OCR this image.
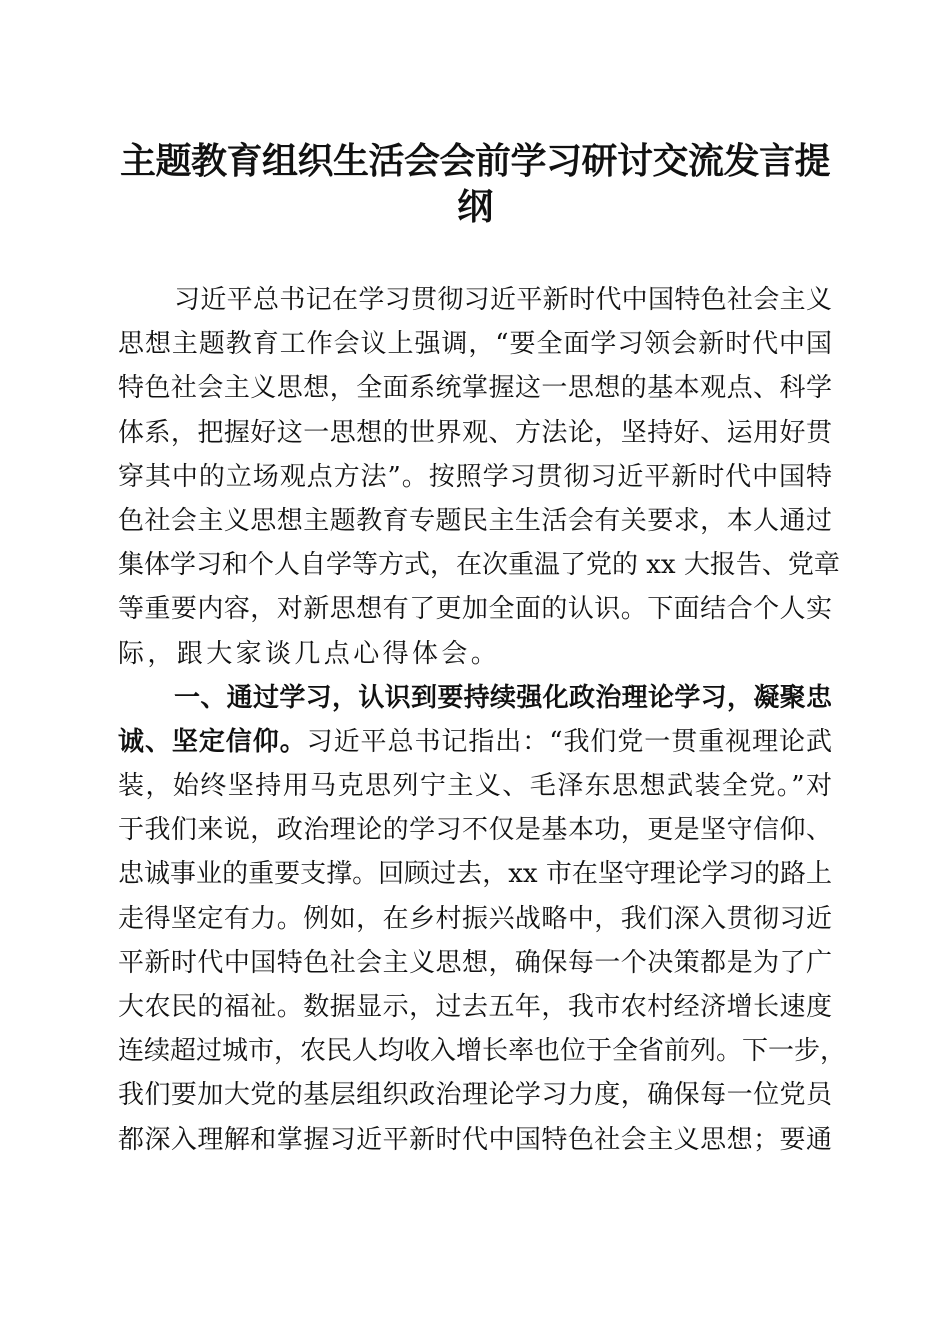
主题教育组织生活会会前学习研讨交流发言提
纲
习近平总书记在学习贯彻习近平新时代中国特色社会主义
思想主题教育工作会议上强调，“要全面学习领会新时代中国
特色社会主义思想，全面系统掌握这一思想的基本观点、科学
体系，把握好这一思想的世界观、方法论，坚持好、运用好贯
穿其中的立场观点方法”。按照学习贯彻习近平新时代中国特
色社会主义思想主题教育专题民主生活会有关要求，本人通过
集体学习和个人自学等方式，在次重温了党的 xx 大报告、党章
等重要内容，对新思想有了更加全面的认识。下面结合个人实
际，跟大家谈几点心得体会。
一、通过学习，认识到要持续强化政治理论学习，凝聚忠
诚、坚定信仰。习近平总书记指出：“我们党一贯重视理论武
装，始终坚持用马克思列宁主义、毛泽东思想武装全党。”对
于我们来说，政治理论的学习不仅是基本功，更是坚守信仰、
忠诚事业的重要支撑。回顾过去，xx 市在坚守理论学习的路上
走得坚定有力。例如，在乡村振兴战略中，我们深入贯彻习近
平新时代中国特色社会主义思想，确保每一个决策都是为了广
大农民的福祉。数据显示，过去五年，我市农村经济增长速度
连续超过城市，农民人均收入增长率也位于全省前列。下一步，
我们要加大党的基层组织政治理论学习力度，确保每一位党员
都深入理解和掌握习近平新时代中国特色社会主义思想；要通
